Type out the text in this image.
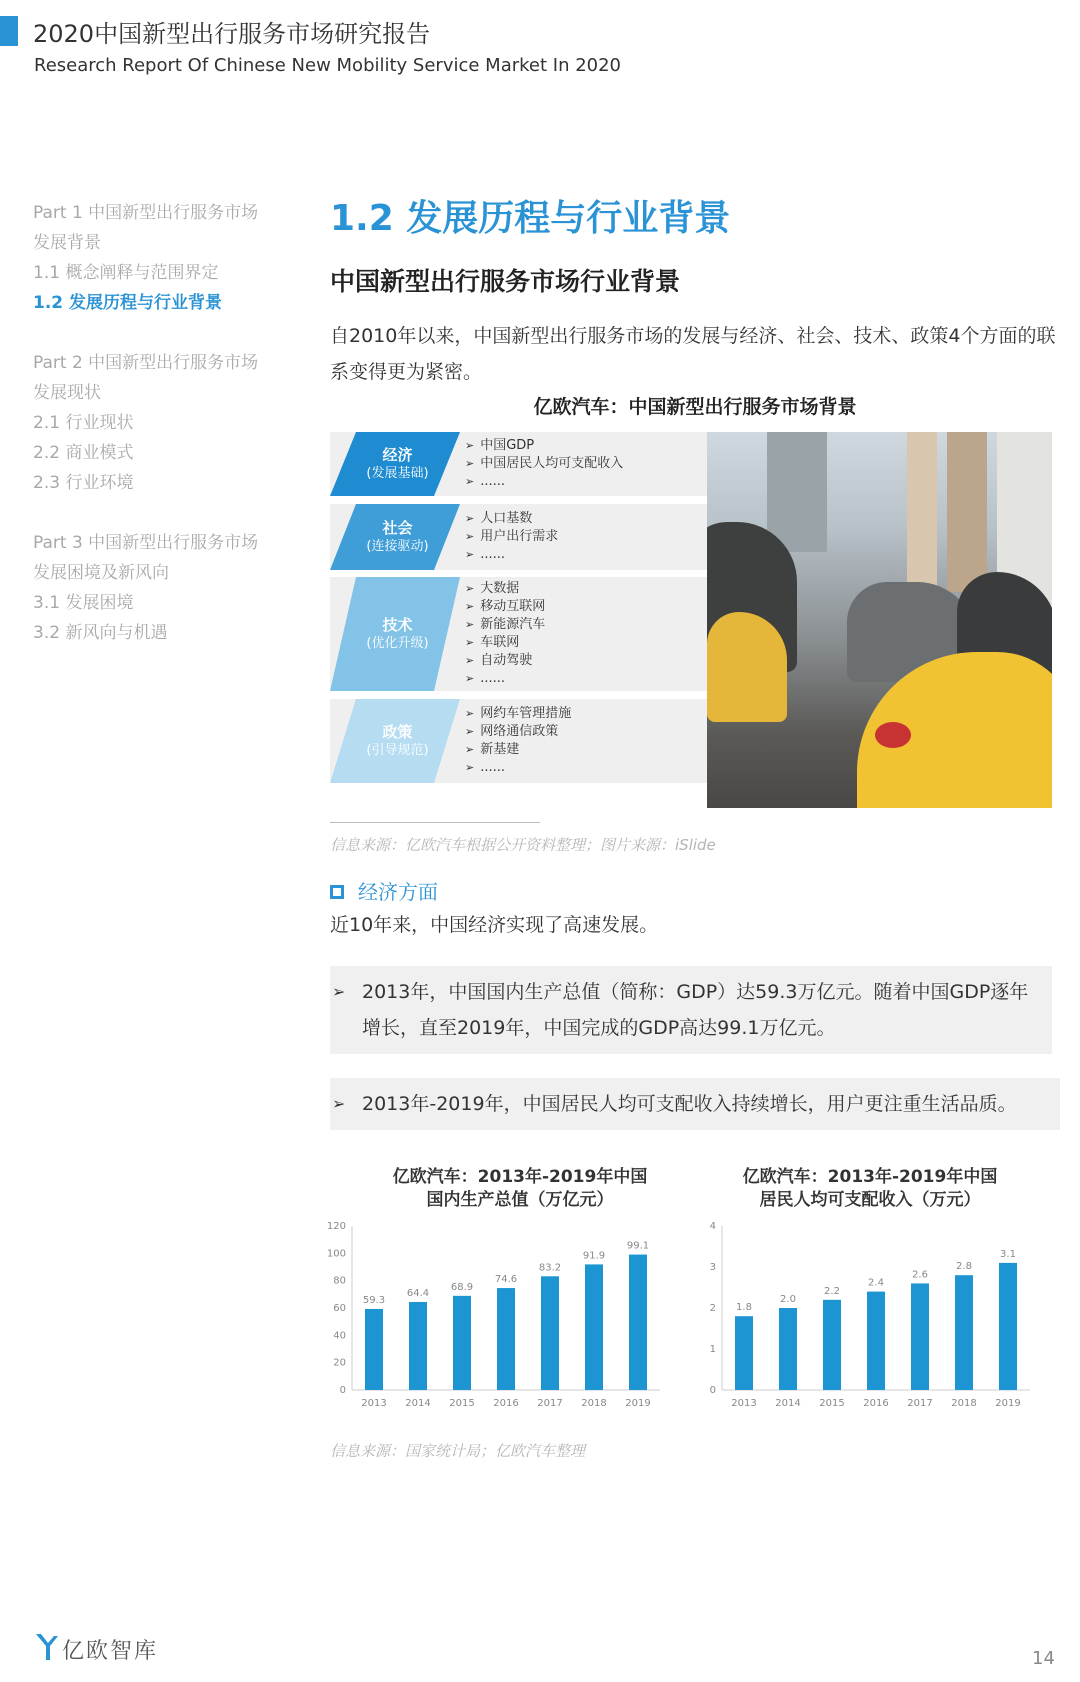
2020中国新型出行服务市场研究报告
Research Report Of Chinese New Mobility Service Market In 2020
Part 1 中国新型出行服务市场
发展背景
1.1 概念阐释与范围界定
1.2 发展历程与行业背景
Part 2 中国新型出行服务市场
发展现状
2.1 行业现状
2.2 商业模式
2.3 行业环境
Part 3 中国新型出行服务市场
发展困境及新风向
3.1 发展困境
3.2 新风向与机遇
1.2 发展历程与行业背景
中国新型出行服务市场行业背景
自2010年以来，中国新型出行服务市场的发展与经济、社会、技术、政策4个方面的联系变得更为紧密。
亿欧汽车：中国新型出行服务市场背景
经济
(发展基础)
➢ 中国GDP
➢ 中国居民人均可支配收入
➢ ......
社会
(连接驱动)
➢ 人口基数
➢ 用户出行需求
➢ ......
技术
(优化升级)
➢ 大数据
➢ 移动互联网
➢ 新能源汽车
➢ 车联网
➢ 自动驾驶
➢ ......
政策
(引导规范)
➢ 网约车管理措施
➢ 网络通信政策
➢ 新基建
➢ ......
信息来源：亿欧汽车根据公开资料整理；图片来源：iSlide
经济方面
近10年来，中国经济实现了高速发展。
➢ 2013年，中国国内生产总值（简称：GDP）达59.3万亿元。随着中国GDP逐年增长，直至2019年，中国完成的GDP高达99.1万亿元。
➢ 2013年-2019年，中国居民人均可支配收入持续增长，用户更注重生活品质。
亿欧汽车：2013年-2019年中国
国内生产总值（万亿元）
亿欧汽车：2013年-2019年中国
居民人均可支配收入（万元）
0
20
40
60
80
100
120
59.3
2013
64.4
2014
68.9
2015
74.6
2016
83.2
2017
91.9
2018
99.1
2019
0
1
2
3
4
1.8
2013
2.0
2014
2.2
2015
2.4
2016
2.6
2017
2.8
2018
3.1
2019
信息来源：国家统计局；亿欧汽车整理
亿欧智库	14
